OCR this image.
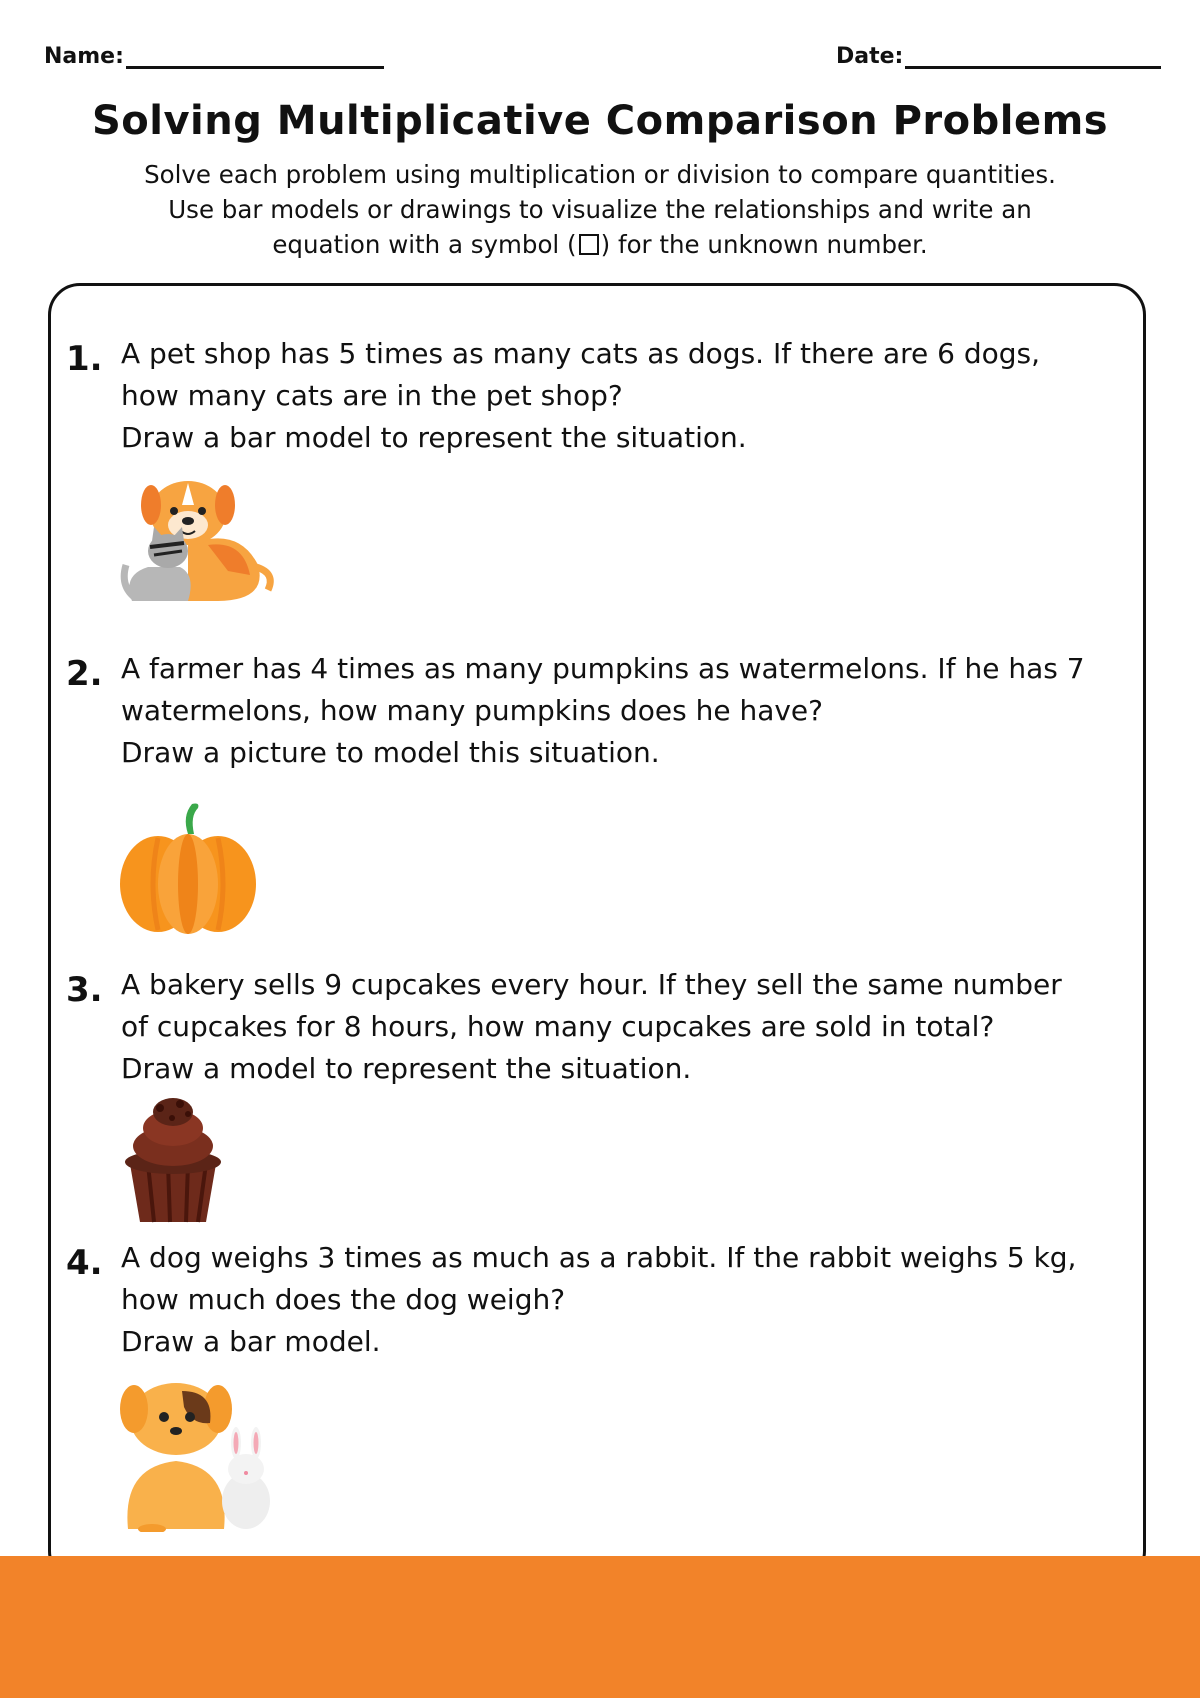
Name:	Date:
Solving Multiplicative Comparison Problems

Solve each problem using multiplication or division to compare quantities.

Use bar models or drawings to visualize the relationships and write an

equation with a symbol ( ) for the unknown number.

1. A pet shop has 5 times as many cats as dogs. If there are 6 dogs,

how many cats are in the pet shop?

Draw a bar model to represent the situation.

2. A farmer has 4 times as many pumpkins as watermelons. If he has 7

watermelons, how many pumpkins does he have?

Draw a picture to model this situation.

3. A bakery sells 9 cupcakes every hour. If they sell the same number

of cupcakes for 8 hours, how many cupcakes are sold in total?

Draw a model to represent the situation.

4. A dog weighs 3 times as much as a rabbit. If the rabbit weighs 5 kg,

how much does the dog weigh?

Draw a bar model.
